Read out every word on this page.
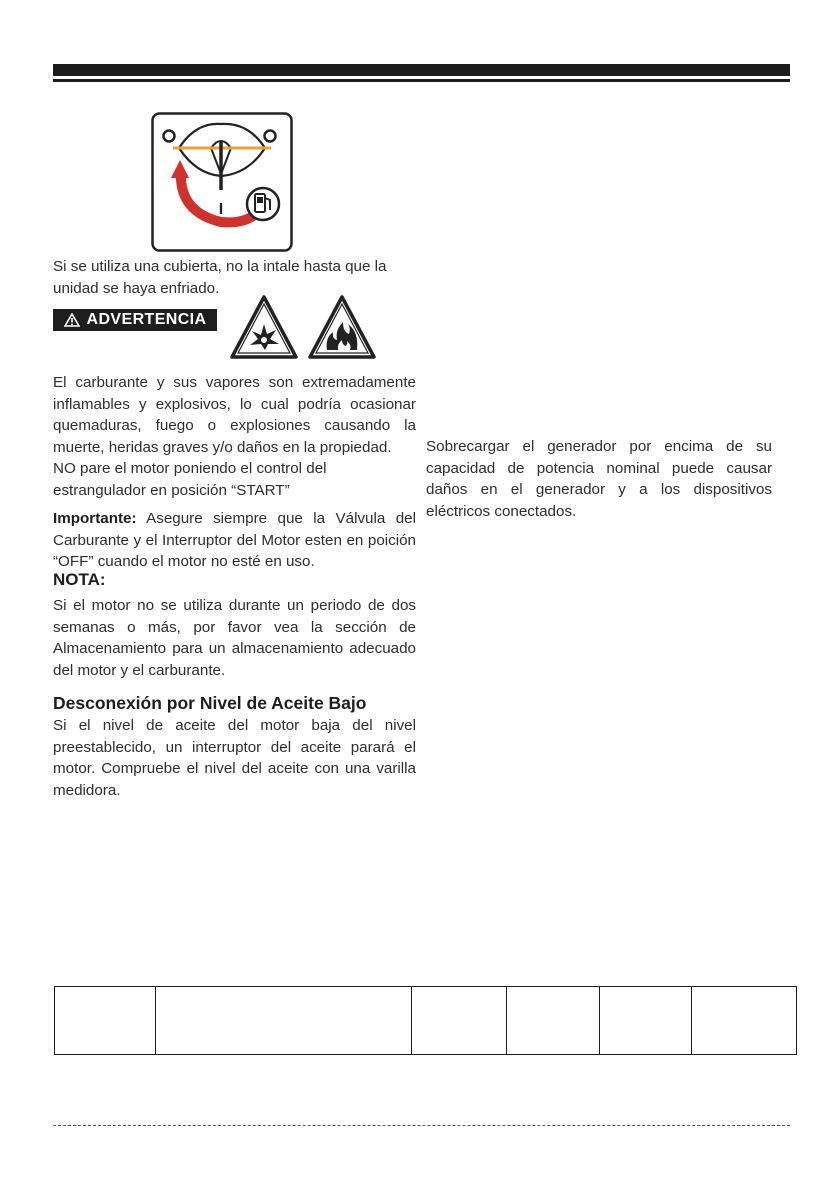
I

Si se utiliza una cubierta, no la intale hasta que la unidad se haya enfriado.

ADVERTENCIA

El carburante y sus vapores son extremadamente inflamables y explosivos, lo cual podría ocasionar quemaduras, fuego o explosiones causando la muerte, heridas graves y/o daños en la propiedad.

NO pare el motor poniendo el control del estrangulador en posición “START”

Importante: Asegure siempre que la Válvula del Carburante y el Interruptor del Motor esten en poición “OFF” cuando el motor no esté en uso.

NOTA:

Si el motor no se utiliza durante un periodo de dos semanas o más, por favor vea la sección de Almacenamiento para un almacenamiento adecuado del motor y el carburante.

Desconexión por Nivel de Aceite Bajo

Si el nivel de aceite del motor baja del nivel preestablecido, un interruptor del aceite parará el motor. Compruebe el nivel del aceite con una varilla medidora.

Sobrecargar el generador por encima de su capacidad de potencia nominal puede causar daños en el generador y a los dispositivos eléctricos conectados.
